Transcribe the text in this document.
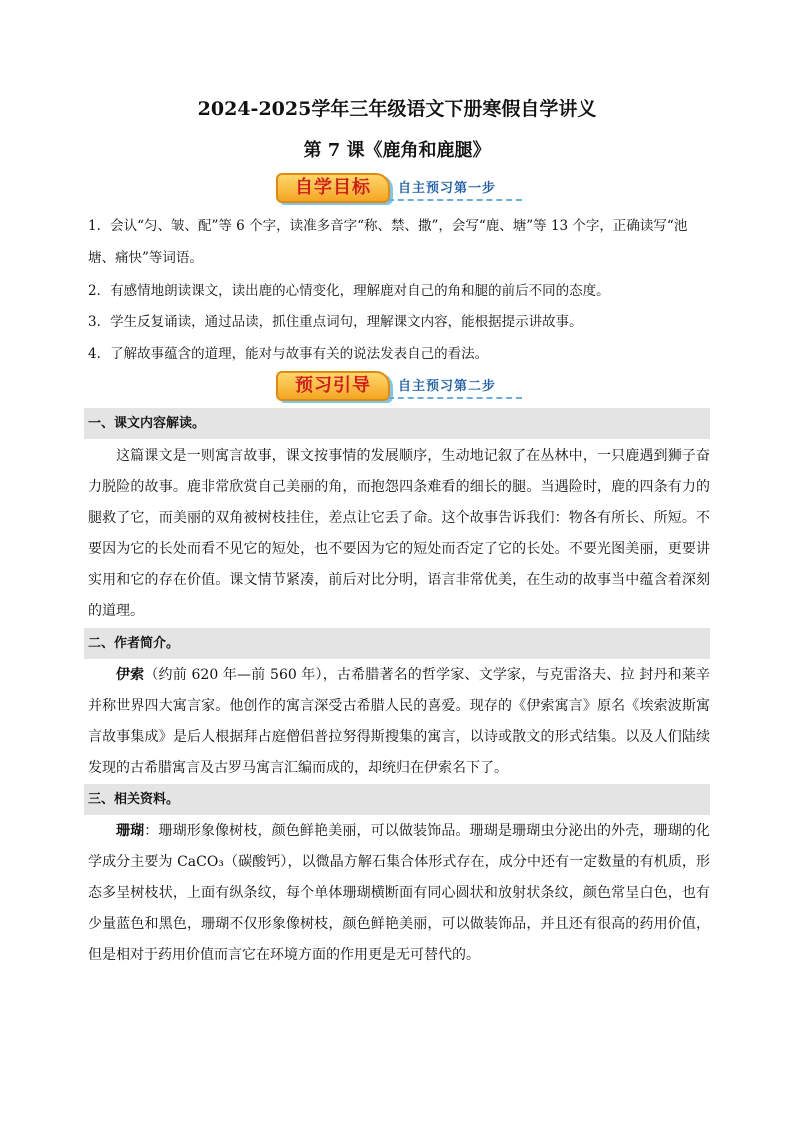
2024-2025学年三年级语文下册寒假自学讲义
第 7 课《鹿角和鹿腿》
自学目标	自主预习第一步
1．会认“匀、皱、配”等 6 个字，读准多音字“称、禁、撒”，会写“鹿、塘”等 13 个字，正确读写“池塘、痛快”等词语。
2．有感情地朗读课文，读出鹿的心情变化，理解鹿对自己的角和腿的前后不同的态度。
3．学生反复诵读，通过品读，抓住重点词句，理解课文内容，能根据提示讲故事。
4．了解故事蕴含的道理，能对与故事有关的说法发表自己的看法。
预习引导	自主预习第二步
一、课文内容解读。
这篇课文是一则寓言故事，课文按事情的发展顺序，生动地记叙了在丛林中，一只鹿遇到狮子奋力脱险的故事。鹿非常欣赏自己美丽的角，而抱怨四条难看的细长的腿。当遇险时，鹿的四条有力的腿救了它，而美丽的双角被树枝挂住，差点让它丢了命。这个故事告诉我们：物各有所长、所短。不要因为它的长处而看不见它的短处，也不要因为它的短处而否定了它的长处。不要光图美丽，更要讲实用和它的存在价值。课文情节紧凑，前后对比分明，语言非常优美，在生动的故事当中蕴含着深刻的道理。
二、作者简介。
伊索（约前 620 年—前 560 年），古希腊著名的哲学家、文学家，与克雷洛夫、拉 封丹和莱辛并称世界四大寓言家。他创作的寓言深受古希腊人民的喜爱。现存的《伊索寓言》原名《埃索波斯寓言故事集成》是后人根据拜占庭僧侣普拉努得斯搜集的寓言，以诗或散文的形式结集。以及人们陆续发现的古希腊寓言及古罗马寓言汇编而成的，却统归在伊索名下了。
三、相关资料。
珊瑚：珊瑚形象像树枝，颜色鲜艳美丽，可以做装饰品。珊瑚是珊瑚虫分泌出的外壳，珊瑚的化学成分主要为 CaCO₃（碳酸钙），以微晶方解石集合体形式存在，成分中还有一定数量的有机质，形态多呈树枝状，上面有纵条纹，每个单体珊瑚横断面有同心圆状和放射状条纹，颜色常呈白色，也有少量蓝色和黑色，珊瑚不仅形象像树枝，颜色鲜艳美丽，可以做装饰品，并且还有很高的药用价值，但是相对于药用价值而言它在环境方面的作用更是无可替代的。
